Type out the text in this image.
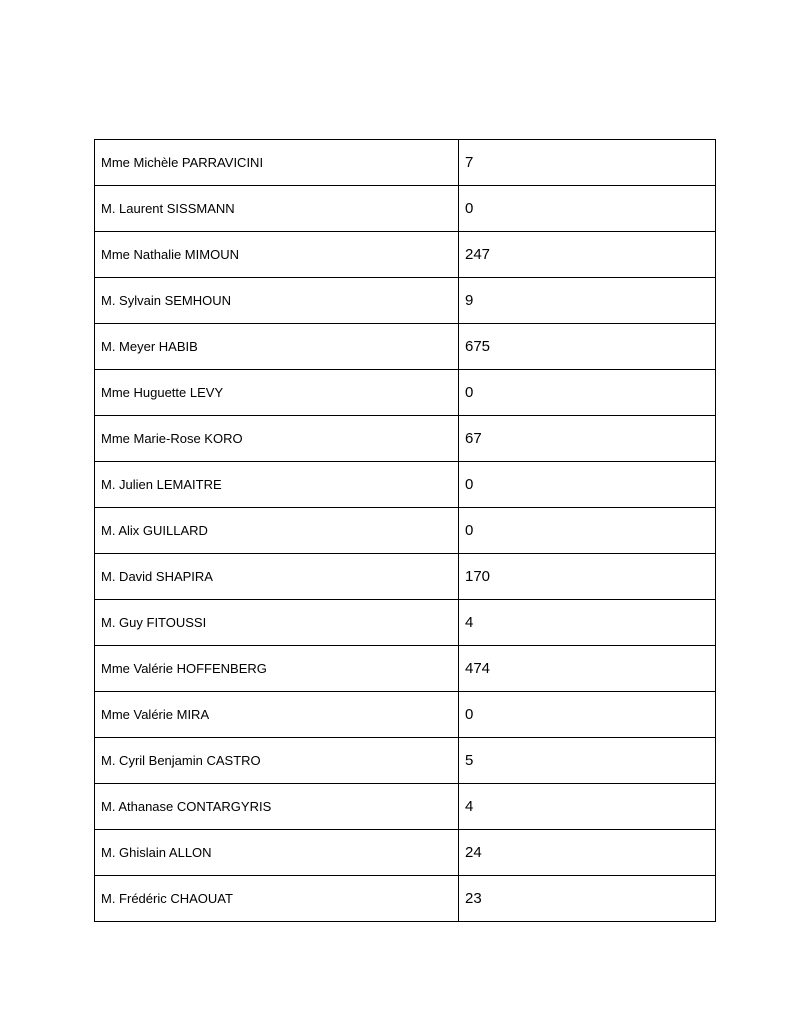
Mme Michèle PARRAVICINI	7
M. Laurent SISSMANN	0
Mme Nathalie MIMOUN	247
M. Sylvain SEMHOUN	9
M. Meyer HABIB	675
Mme Huguette LEVY	0
Mme Marie-Rose KORO	67
M. Julien LEMAITRE	0
M. Alix GUILLARD	0
M. David SHAPIRA	170
M. Guy FITOUSSI	4
Mme Valérie HOFFENBERG	474
Mme Valérie MIRA	0
M. Cyril Benjamin CASTRO	5
M. Athanase CONTARGYRIS	4
M. Ghislain ALLON	24
M. Frédéric CHAOUAT	23
